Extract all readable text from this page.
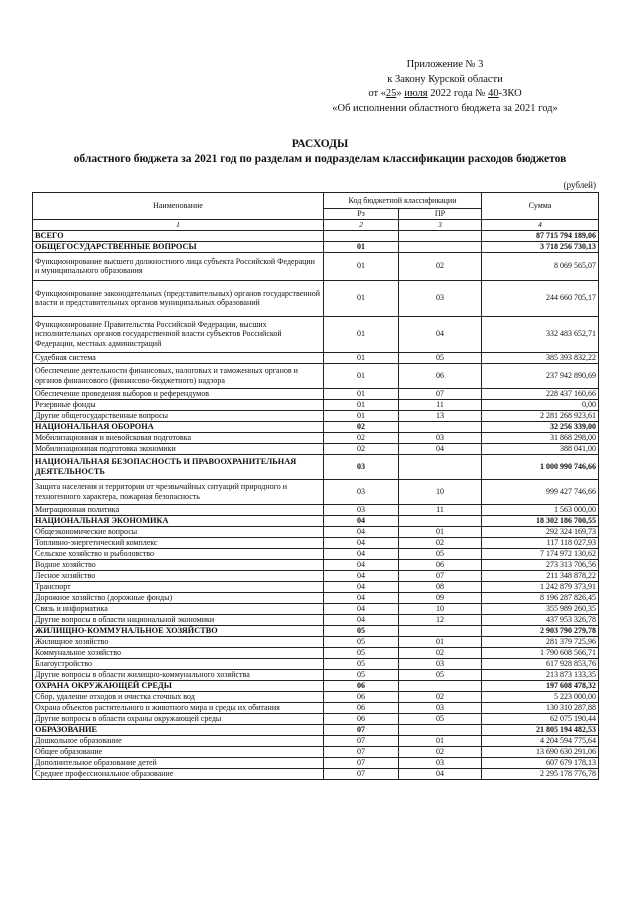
Приложение № 3
к Закону Курской области
от «25» июля 2022 года № 40-ЗКО
«Об исполнении областного бюджета за 2021 год»
РАСХОДЫ
областного бюджета за 2021 год по разделам и подразделам классификации расходов бюджетов
(рублей)
Наименование	Код бюджетной классификации		Сумма
	Рз	ПР	
1	2	3	4
ВСЕГО			87 715 794 189,06
ОБЩЕГОСУДАРСТВЕННЫЕ ВОПРОСЫ	01		3 718 256 730,13
Функционирование высшего должностного лица субъекта Российской Федерации и муниципального образования	01	02	8 069 565,07
Функционирование законодательных (представительных) органов государственной власти и представительных органов муниципальных образований	01	03	244 660 705,17
Функционирование Правительства Российской Федерации, высших исполнительных органов государственной власти субъектов Российской Федерации, местных администраций	01	04	332 483 652,71
Судебная система	01	05	385 393 832,22
Обеспечение деятельности финансовых, налоговых и таможенных органов и органов финансового (финансово-бюджетного) надзора	01	06	237 942 890,69
Обеспечение проведения выборов и референдумов	01	07	228 437 160,66
Резервные фонды	01	11	0,00
Другие общегосударственные вопросы	01	13	2 281 268 923,61
НАЦИОНАЛЬНАЯ ОБОРОНА	02		32 256 339,00
Мобилизационная и вневойсковая подготовка	02	03	31 868 298,00
Мобилизационная подготовка экономики	02	04	388 041,00
НАЦИОНАЛЬНАЯ БЕЗОПАСНОСТЬ И ПРАВООХРАНИТЕЛЬНАЯ ДЕЯТЕЛЬНОСТЬ	03		1 000 990 746,66
Защита населения и территории от чрезвычайных ситуаций природного и техногенного характера, пожарная безопасность	03	10	999 427 746,66
Миграционная политика	03	11	1 563 000,00
НАЦИОНАЛЬНАЯ ЭКОНОМИКА	04		18 302 186 700,55
Общеэкономические вопросы	04	01	292 324 169,73
Топливно-энергетический комплекс	04	02	117 118 027,93
Сельское хозяйство и рыболовство	04	05	7 174 972 130,62
Водное хозяйство	04	06	273 313 706,56
Лесное хозяйство	04	07	211 348 878,22
Транспорт	04	08	1 242 879 373,91
Дорожное хозяйство (дорожные фонды)	04	09	8 196 287 826,45
Связь и информатика	04	10	355 989 260,35
Другие вопросы в области национальной экономики	04	12	437 953 326,78
ЖИЛИЩНО-КОММУНАЛЬНОЕ ХОЗЯЙСТВО	05		2 903 790 279,78
Жилищное хозяйство	05	01	281 379 725,96
Коммунальное хозяйство	05	02	1 790 608 566,71
Благоустройство	05	03	617 928 853,76
Другие вопросы в области жилищно-коммунального хозяйства	05	05	213 873 133,35
ОХРАНА ОКРУЖАЮЩЕЙ СРЕДЫ	06		197 608 478,32
Сбор, удаление отходов и очистка сточных вод	06	02	5 223 000,00
Охрана объектов растительного и животного мира и среды их обитания	06	03	130 310 287,88
Другие вопросы в области охраны окружающей среды	06	05	62 075 190,44
ОБРАЗОВАНИЕ	07		21 805 194 482,53
Дошкольное образование	07	01	4 204 594 775,64
Общее образование	07	02	13 690 630 291,06
Дополнительное образование детей	07	03	607 679 178,13
Среднее профессиональное образование	07	04	2 295 178 776,78
